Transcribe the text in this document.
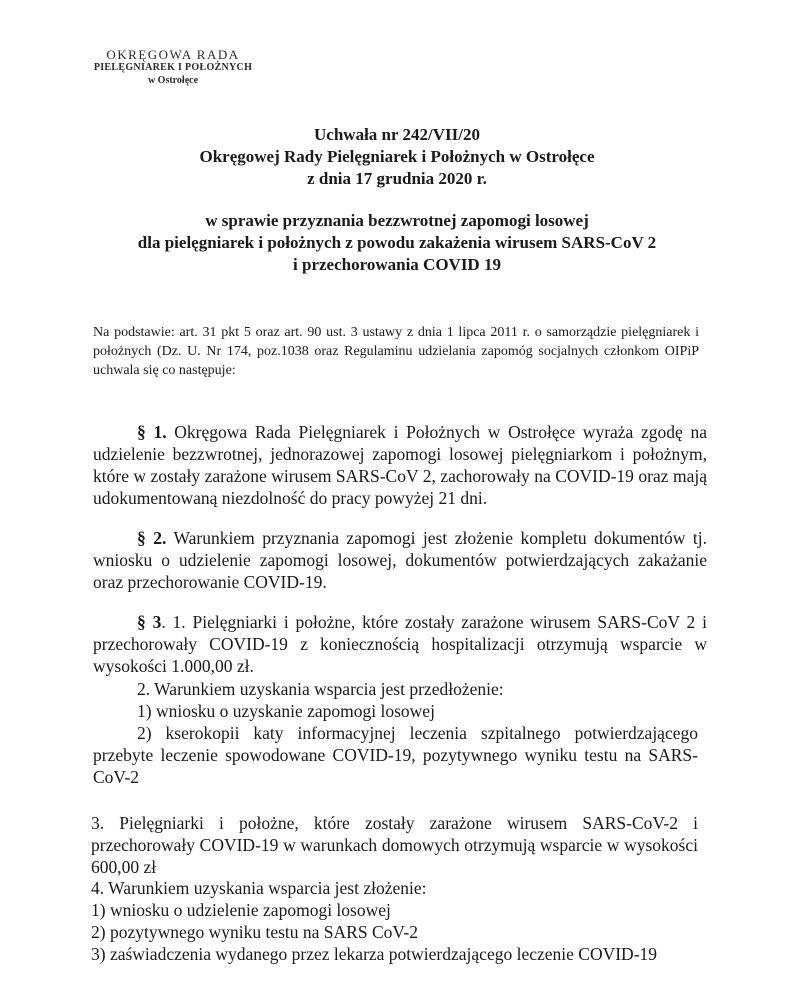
OKRĘGOWA RADA
PIELĘGNIAREK I POŁOŻNYCH
w Ostrołęce
Uchwała nr 242/VII/20
Okręgowej Rady Pielęgniarek i Położnych w Ostrołęce
z dnia 17 grudnia 2020 r.
w sprawie przyznania bezzwrotnej zapomogi losowej
dla pielęgniarek i położnych z powodu zakażenia wirusem SARS-CoV 2
i przechorowania COVID 19
Na podstawie: art. 31 pkt 5 oraz art. 90 ust. 3 ustawy z dnia 1 lipca 2011 r. o samorządzie pielęgniarek i położnych (Dz. U. Nr 174, poz.1038 oraz Regulaminu udzielania zapomóg socjalnych członkom OIPiP uchwala się co następuje:
§ 1. Okręgowa Rada Pielęgniarek i Położnych w Ostrołęce wyraża zgodę na udzielenie bezzwrotnej, jednorazowej zapomogi losowej pielęgniarkom i położnym, które w zostały zarażone wirusem SARS-CoV 2, zachorowały na COVID-19 oraz mają udokumentowaną niezdolność do pracy powyżej 21 dni.
§ 2. Warunkiem przyznania zapomogi jest złożenie kompletu dokumentów tj. wniosku o udzielenie zapomogi losowej, dokumentów potwierdzających zakażanie oraz przechorowanie COVID-19.
§ 3. 1. Pielęgniarki i położne, które zostały zarażone wirusem SARS-CoV 2 i przechorowały COVID-19 z koniecznością hospitalizacji otrzymują wsparcie w wysokości 1.000,00 zł.
2. Warunkiem uzyskania wsparcia jest przedłożenie:
1) wniosku o uzyskanie zapomogi losowej
2) kserokopii katy informacyjnej leczenia szpitalnego potwierdzającego przebyte leczenie spowodowane COVID-19, pozytywnego wyniku testu na SARS-CoV-2
3. Pielęgniarki i położne, które zostały zarażone wirusem SARS-CoV-2 i przechorowały COVID-19 w warunkach domowych otrzymują wsparcie w wysokości 600,00 zł
4. Warunkiem uzyskania wsparcia jest złożenie:
1) wniosku o udzielenie zapomogi losowej
2) pozytywnego wyniku testu na SARS CoV-2
3) zaświadczenia wydanego przez lekarza potwierdzającego leczenie COVID-19
